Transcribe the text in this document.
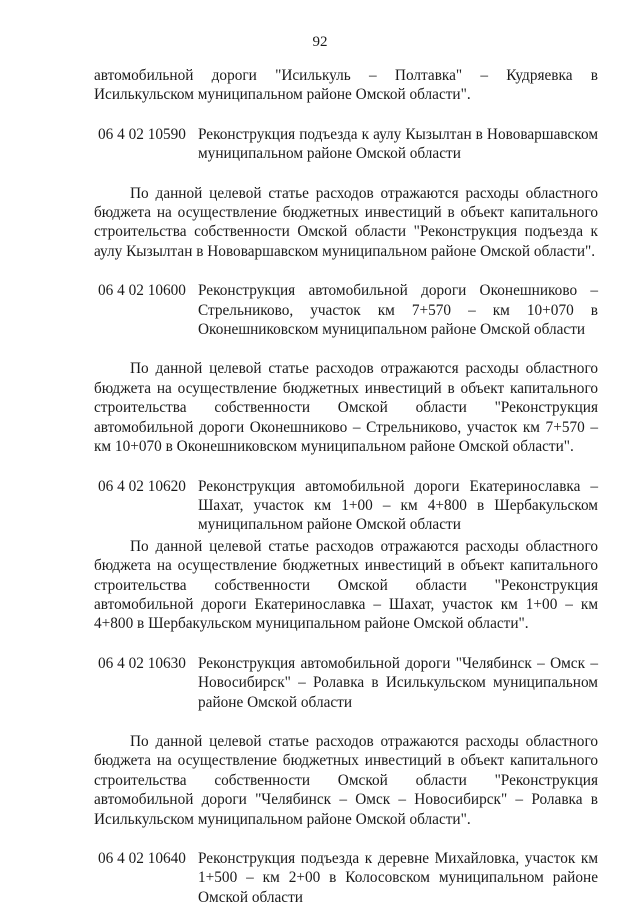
92

автомобильной дороги "Исилькуль – Полтавка" – Кудряевка в Исилькульском муниципальном районе Омской области".

06 4 02 10590 Реконструкция подъезда к аулу Кызылтан в Нововаршавском муниципальном районе Омской области

По данной целевой статье расходов отражаются расходы областного бюджета на осуществление бюджетных инвестиций в объект капитального строительства собственности Омской области "Реконструкция подъезда к аулу Кызылтан в Нововаршавском муниципальном районе Омской области".

06 4 02 10600 Реконструкция автомобильной дороги Оконешниково – Стрельниково, участок км 7+570 – км 10+070 в Оконешниковском муниципальном районе Омской области

По данной целевой статье расходов отражаются расходы областного бюджета на осуществление бюджетных инвестиций в объект капитального строительства собственности Омской области "Реконструкция автомобильной дороги Оконешниково – Стрельниково, участок км 7+570 – км 10+070 в Оконешниковском муниципальном районе Омской области".

06 4 02 10620 Реконструкция автомобильной дороги Екатеринославка – Шахат, участок км 1+00 – км 4+800 в Шербакульском муниципальном районе Омской области

По данной целевой статье расходов отражаются расходы областного бюджета на осуществление бюджетных инвестиций в объект капитального строительства собственности Омской области "Реконструкция автомобильной дороги Екатеринославка – Шахат, участок км 1+00 – км 4+800 в Шербакульском муниципальном районе Омской области".

06 4 02 10630 Реконструкция автомобильной дороги "Челябинск – Омск – Новосибирск" – Ролавка в Исилькульском муниципальном районе Омской области

По данной целевой статье расходов отражаются расходы областного бюджета на осуществление бюджетных инвестиций в объект капитального строительства собственности Омской области "Реконструкция автомобильной дороги "Челябинск – Омск – Новосибирск" – Ролавка в Исилькульском муниципальном районе Омской области".

06 4 02 10640 Реконструкция подъезда к деревне Михайловка, участок км 1+500 – км 2+00 в Колосовском муниципальном районе Омской области
